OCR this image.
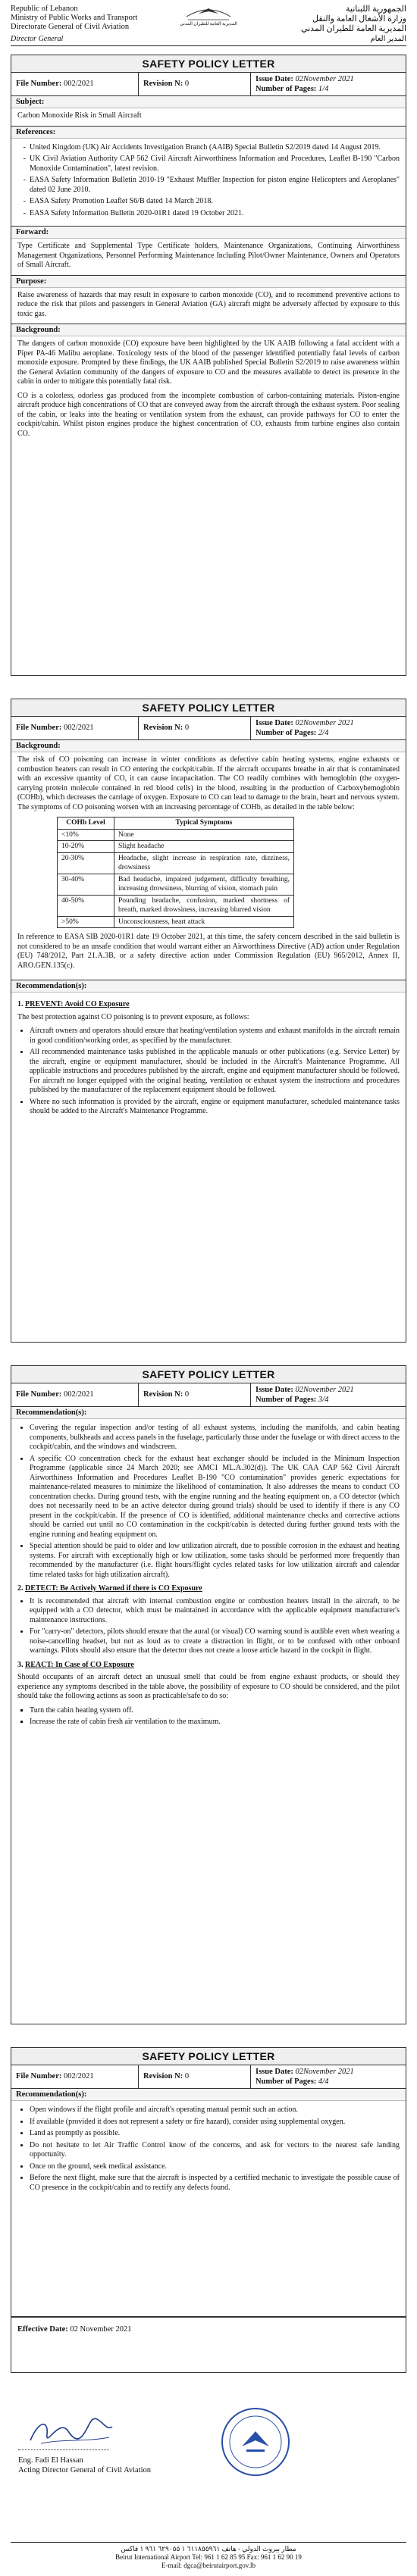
Republic of Lebanon
Ministry of Public Works and Transport
Directorate General of Civil Aviation	المديرية العامة للطيران المدني
الجمهورية اللبنانية
وزارة الأشغال العامة والنقل
المديرية العامة للطيران المدني
Director General	المدير العام
SAFETY POLICY LETTER
File Number: 002/2021	Revision N: 0
Issue Date: 02November 2021
Number of Pages: 1/4
Subject:
Carbon Monoxide Risk in Small Aircraft
References:
- United Kingdom (UK) Air Accidents Investigation Branch (AAIB) Special Bulletin S2/2019 dated 14 August 2019.
- UK Civil Aviation Authority CAP 562 Civil Aircraft Airworthiness Information and Procedures, Leaflet B-190 "Carbon Monoxide Contamination", latest revision.
- EASA Safety Information Bulletin 2010-19 "Exhaust Muffler Inspection for piston engine Helicopters and Aeroplanes" dated 02 June 2010.
- EASA Safety Promotion Leaflet S6/B dated 14 March 2018.
- EASA Safety Information Bulletin 2020-01R1 dated 19 October 2021.
Forward:
Type Certificate and Supplemental Type Certificate holders, Maintenance Organizations, Continuing Airworthiness Management Organizations, Personnel Performing Maintenance Including Pilot/Owner Maintenance, Owners and Operators of Small Aircraft.
Purpose:
Raise awareness of hazards that may result in exposure to carbon monoxide (CO), and to recommend preventive actions to reduce the risk that pilots and passengers in General Aviation (GA) aircraft might be adversely affected by exposure to this toxic gas.
Background:

The dangers of carbon monoxide (CO) exposure have been highlighted by the UK AAIB following a fatal accident with a Piper PA-46 Malibu aeroplane. Toxicology tests of the blood of the passenger identified potentially fatal levels of carbon monoxide exposure. Prompted by these findings, the UK AAIB published Special Bulletin S2/2019 to raise awareness within the General Aviation community of the dangers of exposure to CO and the measures available to detect its presence in the cabin in order to mitigate this potentially fatal risk.

CO is a colorless, odorless gas produced from the incomplete combustion of carbon-containing materials. Piston-engine aircraft produce high concentrations of CO that are conveyed away from the aircraft through the exhaust system. Poor sealing of the cabin, or leaks into the heating or ventilation system from the exhaust, can provide pathways for CO to enter the cockpit/cabin. Whilst piston engines produce the highest concentration of CO, exhausts from turbine engines also contain CO.

SAFETY POLICY LETTER
File Number: 002/2021	Revision N: 0
Issue Date: 02November 2021
Number of Pages: 2/4
Background:

The risk of CO poisoning can increase in winter conditions as defective cabin heating systems, engine exhausts or combustion heaters can result in CO entering the cockpit/cabin. If the aircraft occupants breathe in air that is contaminated with an excessive quantity of CO, it can cause incapacitation. The CO readily combines with hemoglobin (the oxygen-carrying protein molecule contained in red blood cells) in the blood, resulting in the production of Carboxyhemoglobin (COHb), which decreases the carriage of oxygen. Exposure to CO can lead to damage to the brain, heart and nervous system. The symptoms of CO poisoning worsen with an increasing percentage of COHb, as detailed in the table below:

COHb Level	Typical Symptoms
<10%	None
10-20%	Slight headache
20-30%	Headache, slight increase in respiration rate, dizziness, drowsiness
30-40%	Bad headache, impaired judgement, difficulty breathing, increasing drowsiness, blurring of vision, stomach pain
40-50%	Pounding headache, confusion, marked shortness of breath, marked drowsiness, increasing blurred vision
>50%	Unconsciousness, heart attack

In reference to EASA SIB 2020-01R1 date 19 October 2021, at this time, the safety concern described in the said bulletin is not considered to be an unsafe condition that would warrant either an Airworthiness Directive (AD) action under Regulation (EU) 748/2012, Part 21.A.3B, or a safety directive action under Commission Regulation (EU) 965/2012, Annex II, ARO.GEN.135(c).

Recommendation(s):
1. PREVENT: Avoid CO Exposure

The best protection against CO poisoning is to prevent exposure, as follows:

• Aircraft owners and operators should ensure that heating/ventilation systems and exhaust manifolds in the aircraft remain in good condition/working order, as specified by the manufacturer.
• All recommended maintenance tasks published in the applicable manuals or other publications (e.g. Service Letter) by the aircraft, engine or equipment manufacturer, should be included in the Aircraft's Maintenance Programme. All applicable instructions and procedures published by the aircraft, engine and equipment manufacturer should be followed. For aircraft no longer equipped with the original heating, ventilation or exhaust system the instructions and procedures published by the manufacturer of the replacement equipment should be followed.
• Where no such information is provided by the aircraft, engine or equipment manufacturer, scheduled maintenance tasks should be added to the Aircraft's Maintenance Programme.
SAFETY POLICY LETTER
File Number: 002/2021	Revision N: 0
Issue Date: 02November 2021
Number of Pages: 3/4
Recommendation(s):
• Covering the regular inspection and/or testing of all exhaust systems, including the manifolds, and cabin heating components, bulkheads and access panels in the fuselage, particularly those under the fuselage or with direct access to the cockpit/cabin, and the windows and windscreen.
• A specific CO concentration check for the exhaust heat exchanger should be included in the Minimum Inspection Programme (applicable since 24 March 2020; see AMC1 ML.A.302(d)). The UK CAA CAP 562 Civil Aircraft Airworthiness Information and Procedures Leaflet B-190 "CO contamination" provides generic expectations for maintenance-related measures to minimize the likelihood of contamination. It also addresses the means to conduct CO concentration checks. During ground tests, with the engine running and the heating equipment on, a CO detector (which does not necessarily need to be an active detector during ground trials) should be used to identify if there is any CO present in the cockpit/cabin. If the presence of CO is identified, additional maintenance checks and corrective actions should be carried out until no CO contamination in the cockpit/cabin is detected during further ground tests with the engine running and heating equipment on.
• Special attention should be paid to older and low utilization aircraft, due to possible corrosion in the exhaust and heating systems. For aircraft with exceptionally high or low utilization, some tasks should be performed more frequently than recommended by the manufacturer (i.e. flight hours/flight cycles related tasks for low utilization aircraft and calendar time related tasks for high utilization aircraft).
2. DETECT: Be Actively Warned if there is CO Exposure
• It is recommended that aircraft with internal combustion engine or combustion heaters install in the aircraft, to be equipped with a CO detector, which must be maintained in accordance with the applicable equipment manufacturer's maintenance instructions.
• For "carry-on" detectors, pilots should ensure that the aural (or visual) CO warning sound is audible even when wearing a noise-cancelling headset, but not as loud as to create a distraction in flight, or to be confused with other onboard warnings. Pilots should also ensure that the detector does not create a loose article hazard in the cockpit in flight.
3. REACT: In Case of CO Exposure

Should occupants of an aircraft detect an unusual smell that could be from engine exhaust products, or should they experience any symptoms described in the table above, the possibility of exposure to CO should be considered, and the pilot should take the following actions as soon as practicable/safe to do so:

▪ Turn the cabin heating system off.
▪ Increase the rate of cabin fresh air ventilation to the maximum.
SAFETY POLICY LETTER
File Number: 002/2021	Revision N: 0
Issue Date: 02November 2021
Number of Pages: 4/4
Recommendation(s):
• Open windows if the flight profile and aircraft's operating manual permit such an action.
• If available (provided it does not represent a safety or fire hazard), consider using supplemental oxygen.
• Land as promptly as possible.
• Do not hesitate to let Air Traffic Control know of the concerns, and ask for vectors to the nearest safe landing opportunity.
• Once on the ground, seek medical assistance.
• Before the next flight, make sure that the aircraft is inspected by a certified mechanic to investigate the possible cause of CO presence in the cockpit/cabin and to rectify any defects found.
Effective Date: 02 November 2021
Eng. Fadi El Hassan
Acting Director General of Civil Aviation
مطار بيروت الدولي - هاتف ٦١١٨٥٥٩٦١ ١ ٦٢٩٠٥٥ ٩٦١ ١ فاكس
Beirut International Airport Tel: 961 1 62 85 95 Fax: 961 1 62 90 19
E-mail: dgca@beirutairport.gov.lb
